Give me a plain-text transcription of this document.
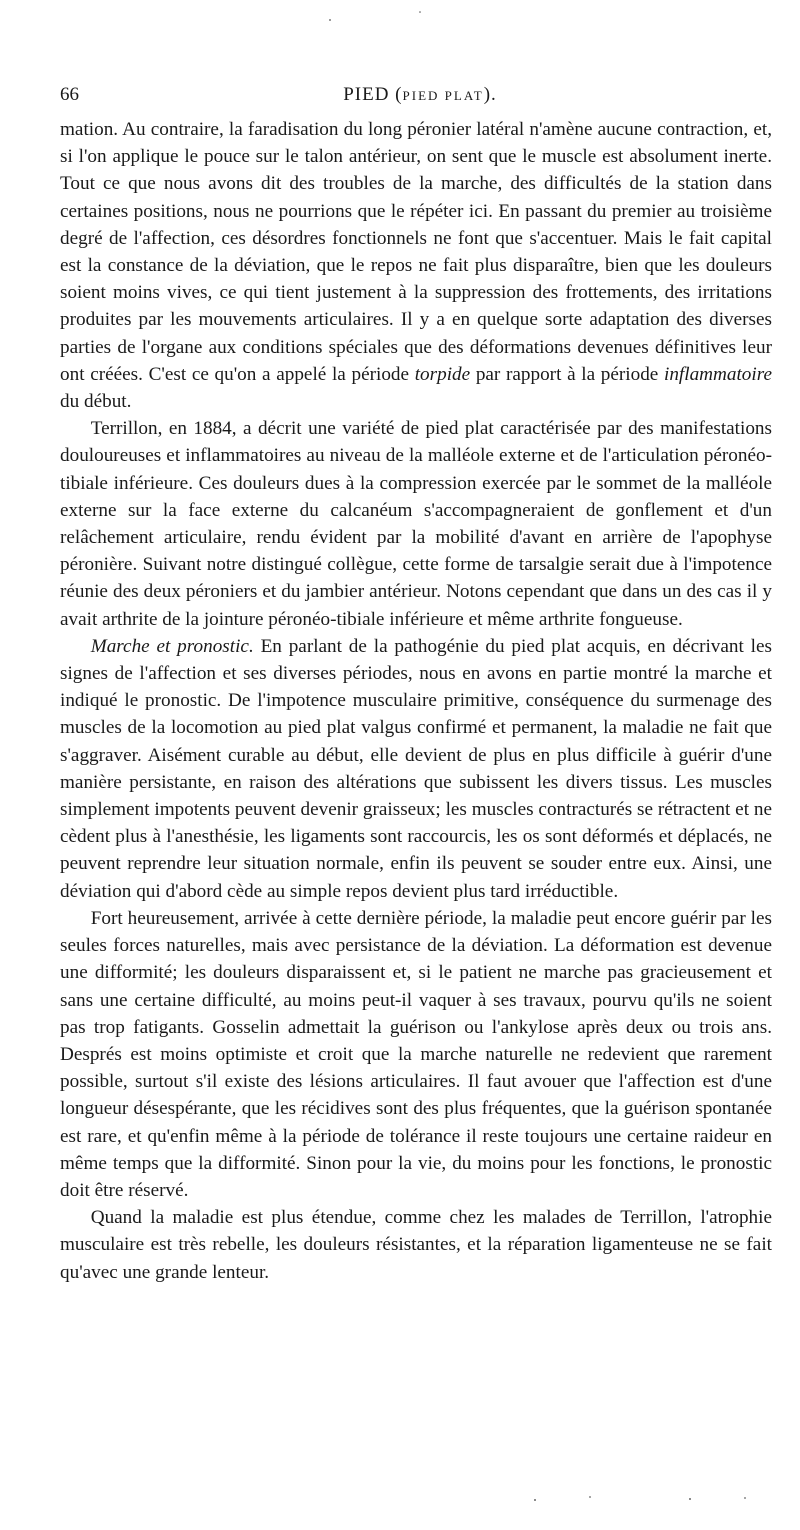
66	PIED (PIED PLAT).

mation. Au contraire, la faradisation du long péronier latéral n'amène aucune contraction, et, si l'on applique le pouce sur le talon antérieur, on sent que le muscle est absolument inerte. Tout ce que nous avons dit des troubles de la marche, des difficultés de la station dans certaines positions, nous ne pourrions que le répéter ici. En passant du premier au troisième degré de l'affection, ces désordres fonctionnels ne font que s'accentuer. Mais le fait capital est la constance de la déviation, que le repos ne fait plus disparaître, bien que les douleurs soient moins vives, ce qui tient justement à la suppression des frottements, des irritations produites par les mouvements articulaires. Il y a en quelque sorte adaptation des diverses parties de l'organe aux conditions spéciales que des déformations devenues définitives leur ont créées. C'est ce qu'on a appelé la période torpide par rapport à la période inflammatoire du début.

Terrillon, en 1884, a décrit une variété de pied plat caractérisée par des manifestations douloureuses et inflammatoires au niveau de la malléole externe et de l'articulation péronéo-tibiale inférieure. Ces douleurs dues à la compression exercée par le sommet de la malléole externe sur la face externe du calcanéum s'accompagneraient de gonflement et d'un relâchement articulaire, rendu évident par la mobilité d'avant en arrière de l'apophyse péronière. Suivant notre distingué collègue, cette forme de tarsalgie serait due à l'impotence réunie des deux péroniers et du jambier antérieur. Notons cependant que dans un des cas il y avait arthrite de la jointure péronéo-tibiale inférieure et même arthrite fongueuse.

Marche et pronostic. En parlant de la pathogénie du pied plat acquis, en décrivant les signes de l'affection et ses diverses périodes, nous en avons en partie montré la marche et indiqué le pronostic. De l'impotence musculaire primitive, conséquence du surmenage des muscles de la locomotion au pied plat valgus confirmé et permanent, la maladie ne fait que s'aggraver. Aisément curable au début, elle devient de plus en plus difficile à guérir d'une manière persistante, en raison des altérations que subissent les divers tissus. Les muscles simplement impotents peuvent devenir graisseux; les muscles contracturés se rétractent et ne cèdent plus à l'anesthésie, les ligaments sont raccourcis, les os sont déformés et déplacés, ne peuvent reprendre leur situation normale, enfin ils peuvent se souder entre eux. Ainsi, une déviation qui d'abord cède au simple repos devient plus tard irréductible.

Fort heureusement, arrivée à cette dernière période, la maladie peut encore guérir par les seules forces naturelles, mais avec persistance de la déviation. La déformation est devenue une difformité; les douleurs disparaissent et, si le patient ne marche pas gracieusement et sans une certaine difficulté, au moins peut-il vaquer à ses travaux, pourvu qu'ils ne soient pas trop fatigants. Gosselin admettait la guérison ou l'ankylose après deux ou trois ans. Després est moins optimiste et croit que la marche naturelle ne redevient que rarement possible, surtout s'il existe des lésions articulaires. Il faut avouer que l'affection est d'une longueur désespérante, que les récidives sont des plus fréquentes, que la guérison spontanée est rare, et qu'enfin même à la période de tolérance il reste toujours une certaine raideur en même temps que la difformité. Sinon pour la vie, du moins pour les fonctions, le pronostic doit être réservé.

Quand la maladie est plus étendue, comme chez les malades de Terrillon, l'atrophie musculaire est très rebelle, les douleurs résistantes, et la réparation ligamenteuse ne se fait qu'avec une grande lenteur.
